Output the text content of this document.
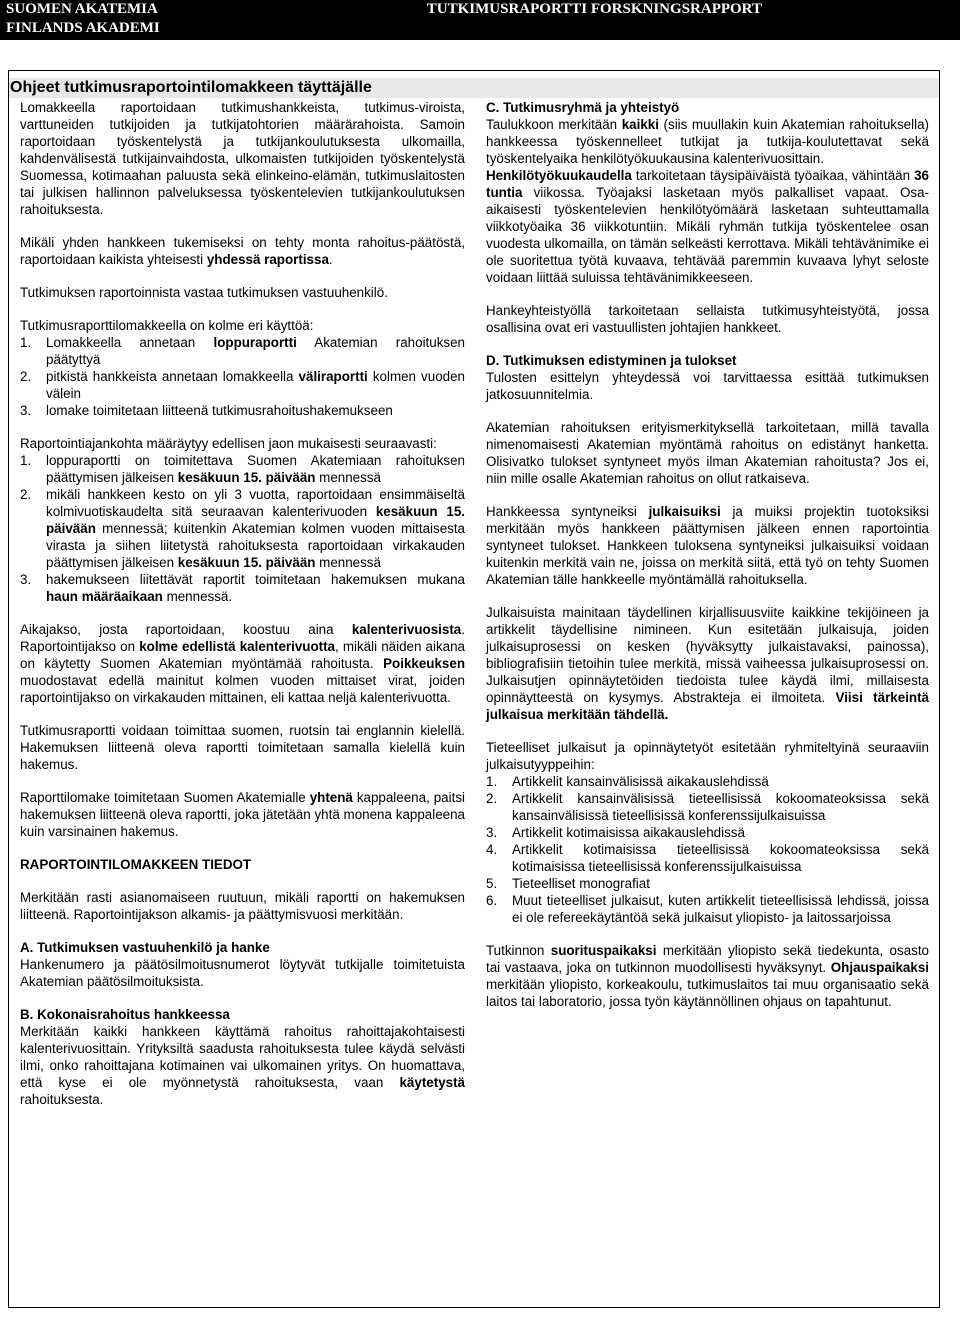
SUOMEN AKATEMIA
FINLANDS AKADEMI
TUTKIMUSRAPORTTI FORSKNINGSRAPPORT
Ohjeet tutkimusraportointilomakkeen täyttäjälle

Lomakkeella raportoidaan tutkimushankkeista, tutkimus-viroista, varttuneiden tutkijoiden ja tutkijatohtorien määrärahoista. Samoin raportoidaan työskentelystä ja tutkijankoulutuksesta ulkomailla, kahdenvälisestä tutkijainvaihdosta, ulkomaisten tutkijoiden työskentelystä Suomessa, kotimaahan paluusta sekä elinkeino-elämän, tutkimuslaitosten tai julkisen hallinnon palveluksessa työskentelevien tutkijankoulutuksen rahoituksesta.

Mikäli yhden hankkeen tukemiseksi on tehty monta rahoitus-päätöstä, raportoidaan kaikista yhteisesti yhdessä raportissa.

Tutkimuksen raportoinnista vastaa tutkimuksen vastuuhenkilö.

Tutkimusraporttilomakkeella on kolme eri käyttöä:

1. Lomakkeella annetaan loppuraportti Akatemian rahoituksen päätyttyä
2. pitkistä hankkeista annetaan lomakkeella väliraportti kolmen vuoden välein
3. lomake toimitetaan liitteenä tutkimusrahoitushakemukseen

Raportointiajankohta määräytyy edellisen jaon mukaisesti seuraavasti:

1. loppuraportti on toimitettava Suomen Akatemiaan rahoituksen päättymisen jälkeisen kesäkuun 15. päivään mennessä
2. mikäli hankkeen kesto on yli 3 vuotta, raportoidaan ensimmäiseltä kolmivuotiskaudelta sitä seuraavan kalenterivuoden kesäkuun 15. päivään mennessä; kuitenkin Akatemian kolmen vuoden mittaisesta virasta ja siihen liitetystä rahoituksesta raportoidaan virkakauden päättymisen jälkeisen kesäkuun 15. päivään mennessä
3. hakemukseen liitettävät raportit toimitetaan hakemuksen mukana haun määräaikaan mennessä.

Aikajakso, josta raportoidaan, koostuu aina kalenterivuosista. Raportointijakso on kolme edellistä kalenterivuotta, mikäli näiden aikana on käytetty Suomen Akatemian myöntämää rahoitusta. Poikkeuksen muodostavat edellä mainitut kolmen vuoden mittaiset virat, joiden raportointijakso on virkakauden mittainen, eli kattaa neljä kalenterivuotta.

Tutkimusraportti voidaan toimittaa suomen, ruotsin tai englannin kielellä. Hakemuksen liitteenä oleva raportti toimitetaan samalla kielellä kuin hakemus.

Raporttilomake toimitetaan Suomen Akatemialle yhtenä kappaleena, paitsi hakemuksen liitteenä oleva raportti, joka jätetään yhtä monena kappaleena kuin varsinainen hakemus.

RAPORTOINTILOMAKKEEN TIEDOT

Merkitään rasti asianomaiseen ruutuun, mikäli raportti on hakemuksen liitteenä. Raportointijakson alkamis- ja päättymisvuosi merkitään.

A. Tutkimuksen vastuuhenkilö ja hanke

Hankenumero ja päätösilmoitusnumerot löytyvät tutkijalle toimitetuista Akatemian päätösilmoituksista.

B. Kokonaisrahoitus hankkeessa

Merkitään kaikki hankkeen käyttämä rahoitus rahoittajakohtaisesti kalenterivuosittain. Yrityksiltä saadusta rahoituksesta tulee käydä selvästi ilmi, onko rahoittajana kotimainen vai ulkomainen yritys. On huomattava, että kyse ei ole myönnetystä rahoituksesta, vaan käytetystä rahoituksesta.

C. Tutkimusryhmä ja yhteistyö

Taulukkoon merkitään kaikki (siis muullakin kuin Akatemian rahoituksella) hankkeessa työskennelleet tutkijat ja tutkija-koulutettavat sekä työskentelyaika henkilötyökuukausina kalenterivuosittain.

Henkilötyökuukaudella tarkoitetaan täysipäiväistä työaikaa, vähintään 36 tuntia viikossa. Työajaksi lasketaan myös palkalliset vapaat. Osa-aikaisesti työskentelevien henkilötyömäärä lasketaan suhteuttamalla viikkotyöaika 36 viikkotuntiin. Mikäli ryhmän tutkija työskentelee osan vuodesta ulkomailla, on tämän selkeästi kerrottava. Mikäli tehtävänimike ei ole suoritettua työtä kuvaava, tehtävää paremmin kuvaava lyhyt seloste voidaan liittää suluissa tehtävänimikkeeseen.

Hankeyhteistyöllä tarkoitetaan sellaista tutkimusyhteistyötä, jossa osallisina ovat eri vastuullisten johtajien hankkeet.

D. Tutkimuksen edistyminen ja tulokset

Tulosten esittelyn yhteydessä voi tarvittaessa esittää tutkimuksen jatkosuunnitelmia.

Akatemian rahoituksen erityismerkityksellä tarkoitetaan, millä tavalla nimenomaisesti Akatemian myöntämä rahoitus on edistänyt hanketta. Olisivatko tulokset syntyneet myös ilman Akatemian rahoitusta? Jos ei, niin mille osalle Akatemian rahoitus on ollut ratkaiseva.

Hankkeessa syntyneiksi julkaisuiksi ja muiksi projektin tuotoksiksi merkitään myös hankkeen päättymisen jälkeen ennen raportointia syntyneet tulokset. Hankkeen tuloksena syntyneiksi julkaisuiksi voidaan kuitenkin merkitä vain ne, joissa on merkitä siitä, että työ on tehty Suomen Akatemian tälle hankkeelle myöntämällä rahoituksella.

Julkaisuista mainitaan täydellinen kirjallisuusviite kaikkine tekijöineen ja artikkelit täydellisine nimineen. Kun esitetään julkaisuja, joiden julkaisuprosessi on kesken (hyväksytty julkaistavaksi, painossa), bibliografisiin tietoihin tulee merkitä, missä vaiheessa julkaisuprosessi on. Julkaisutjen opinnäytetöiden tiedoista tulee käydä ilmi, millaisesta opinnäytteestä on kysymys. Abstrakteja ei ilmoiteta. Viisi tärkeintä julkaisua merkitään tähdellä.

Tieteelliset julkaisut ja opinnäytetyöt esitetään ryhmiteltyinä seuraaviin julkaisutyyppeihin:

1. Artikkelit kansainvälisissä aikakauslehdissä
2. Artikkelit kansainvälisissä tieteellisissä kokoomateoksissa sekä kansainvälisissä tieteellisissä konferenssijulkaisuissa
3. Artikkelit kotimaisissa aikakauslehdissä
4. Artikkelit kotimaisissa tieteellisissä kokoomateoksissa sekä kotimaisissa tieteellisissä konferenssijulkaisuissa
5. Tieteelliset monografiat
6. Muut tieteelliset julkaisut, kuten artikkelit tieteellisissä lehdissä, joissa ei ole refereekäytäntöä sekä julkaisut yliopisto- ja laitossarjoissa

Tutkinnon suorituspaikaksi merkitään yliopisto sekä tiedekunta, osasto tai vastaava, joka on tutkinnon muodollisesti hyväksynyt. Ohjauspaikaksi merkitään yliopisto, korkeakoulu, tutkimuslaitos tai muu organisaatio sekä laitos tai laboratorio, jossa työn käytännöllinen ohjaus on tapahtunut.
